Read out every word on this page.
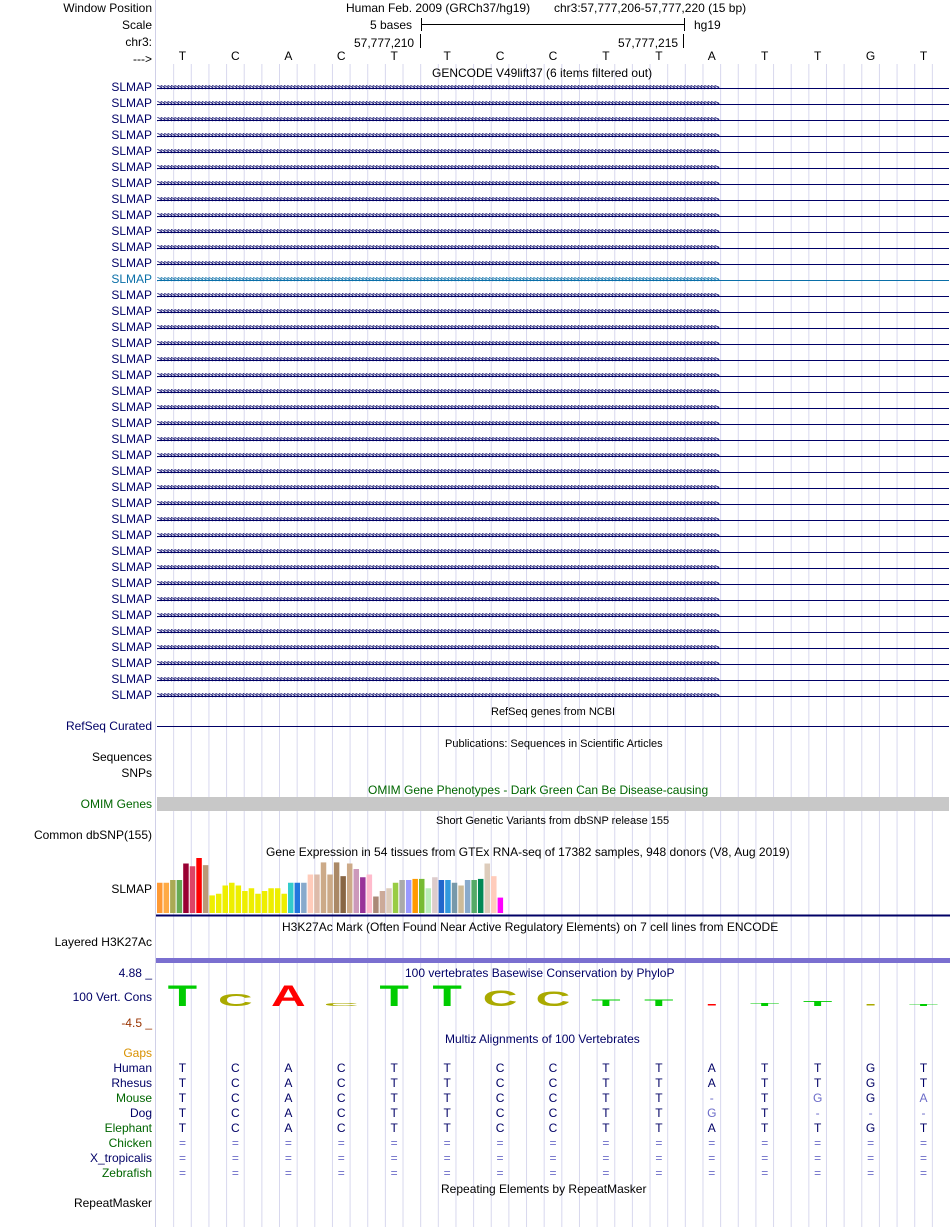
Window Position	Human Feb. 2009 (GRCh37/hg19) chr3:57,777,206-57,777,220 (15 bp)
Scale	5 bases	hg19
chr3:	57,777,210	57,777,215
--->	T	C	A	C	T	T	C	C	T	T	A	T	T	G	T
GENCODE V49lift37 (6 items filtered out)
SLMAP
SLMAP
SLMAP
SLMAP
SLMAP
SLMAP
SLMAP
SLMAP
SLMAP
SLMAP
SLMAP
SLMAP
SLMAP
SLMAP
SLMAP
SLMAP
SLMAP
SLMAP
SLMAP
SLMAP
SLMAP
SLMAP
SLMAP
SLMAP
SLMAP
SLMAP
SLMAP
SLMAP
SLMAP
SLMAP
SLMAP
SLMAP
SLMAP
SLMAP
SLMAP
SLMAP
SLMAP
SLMAP
SLMAP
>>>>>>>>>>>>>>>>>>>>>>>>>>>>>>>>>>>>>>>>>>>>>>>>>>>>>>>>>>>>>>>>>>>>>>>>>>>>>>>>>>>>>>>>>>>>>>>>>>>>>>>>>>>>>>>>>>>>>>>>>>>>>>>>>>>>>>>>>>>>>>>>>>>>>>>>>>>>>>>>>>>>
>>>>>>>>>>>>>>>>>>>>>>>>>>>>>>>>>>>>>>>>>>>>>>>>>>>>>>>>>>>>>>>>>>>>>>>>>>>>>>>>>>>>>>>>>>>>>>>>>>>>>>>>>>>>>>>>>>>>>>>>>>>>>>>>>>>>>>>>>>>>>>>>>>>>>>>>>>>>>>>>>>>>
>>>>>>>>>>>>>>>>>>>>>>>>>>>>>>>>>>>>>>>>>>>>>>>>>>>>>>>>>>>>>>>>>>>>>>>>>>>>>>>>>>>>>>>>>>>>>>>>>>>>>>>>>>>>>>>>>>>>>>>>>>>>>>>>>>>>>>>>>>>>>>>>>>>>>>>>>>>>>>>>>>>>
>>>>>>>>>>>>>>>>>>>>>>>>>>>>>>>>>>>>>>>>>>>>>>>>>>>>>>>>>>>>>>>>>>>>>>>>>>>>>>>>>>>>>>>>>>>>>>>>>>>>>>>>>>>>>>>>>>>>>>>>>>>>>>>>>>>>>>>>>>>>>>>>>>>>>>>>>>>>>>>>>>>>
>>>>>>>>>>>>>>>>>>>>>>>>>>>>>>>>>>>>>>>>>>>>>>>>>>>>>>>>>>>>>>>>>>>>>>>>>>>>>>>>>>>>>>>>>>>>>>>>>>>>>>>>>>>>>>>>>>>>>>>>>>>>>>>>>>>>>>>>>>>>>>>>>>>>>>>>>>>>>>>>>>>>
>>>>>>>>>>>>>>>>>>>>>>>>>>>>>>>>>>>>>>>>>>>>>>>>>>>>>>>>>>>>>>>>>>>>>>>>>>>>>>>>>>>>>>>>>>>>>>>>>>>>>>>>>>>>>>>>>>>>>>>>>>>>>>>>>>>>>>>>>>>>>>>>>>>>>>>>>>>>>>>>>>>>
>>>>>>>>>>>>>>>>>>>>>>>>>>>>>>>>>>>>>>>>>>>>>>>>>>>>>>>>>>>>>>>>>>>>>>>>>>>>>>>>>>>>>>>>>>>>>>>>>>>>>>>>>>>>>>>>>>>>>>>>>>>>>>>>>>>>>>>>>>>>>>>>>>>>>>>>>>>>>>>>>>>>
>>>>>>>>>>>>>>>>>>>>>>>>>>>>>>>>>>>>>>>>>>>>>>>>>>>>>>>>>>>>>>>>>>>>>>>>>>>>>>>>>>>>>>>>>>>>>>>>>>>>>>>>>>>>>>>>>>>>>>>>>>>>>>>>>>>>>>>>>>>>>>>>>>>>>>>>>>>>>>>>>>>>
>>>>>>>>>>>>>>>>>>>>>>>>>>>>>>>>>>>>>>>>>>>>>>>>>>>>>>>>>>>>>>>>>>>>>>>>>>>>>>>>>>>>>>>>>>>>>>>>>>>>>>>>>>>>>>>>>>>>>>>>>>>>>>>>>>>>>>>>>>>>>>>>>>>>>>>>>>>>>>>>>>>>
>>>>>>>>>>>>>>>>>>>>>>>>>>>>>>>>>>>>>>>>>>>>>>>>>>>>>>>>>>>>>>>>>>>>>>>>>>>>>>>>>>>>>>>>>>>>>>>>>>>>>>>>>>>>>>>>>>>>>>>>>>>>>>>>>>>>>>>>>>>>>>>>>>>>>>>>>>>>>>>>>>>>
>>>>>>>>>>>>>>>>>>>>>>>>>>>>>>>>>>>>>>>>>>>>>>>>>>>>>>>>>>>>>>>>>>>>>>>>>>>>>>>>>>>>>>>>>>>>>>>>>>>>>>>>>>>>>>>>>>>>>>>>>>>>>>>>>>>>>>>>>>>>>>>>>>>>>>>>>>>>>>>>>>>>
>>>>>>>>>>>>>>>>>>>>>>>>>>>>>>>>>>>>>>>>>>>>>>>>>>>>>>>>>>>>>>>>>>>>>>>>>>>>>>>>>>>>>>>>>>>>>>>>>>>>>>>>>>>>>>>>>>>>>>>>>>>>>>>>>>>>>>>>>>>>>>>>>>>>>>>>>>>>>>>>>>>>
>>>>>>>>>>>>>>>>>>>>>>>>>>>>>>>>>>>>>>>>>>>>>>>>>>>>>>>>>>>>>>>>>>>>>>>>>>>>>>>>>>>>>>>>>>>>>>>>>>>>>>>>>>>>>>>>>>>>>>>>>>>>>>>>>>>>>>>>>>>>>>>>>>>>>>>>>>>>>>>>>>>>
>>>>>>>>>>>>>>>>>>>>>>>>>>>>>>>>>>>>>>>>>>>>>>>>>>>>>>>>>>>>>>>>>>>>>>>>>>>>>>>>>>>>>>>>>>>>>>>>>>>>>>>>>>>>>>>>>>>>>>>>>>>>>>>>>>>>>>>>>>>>>>>>>>>>>>>>>>>>>>>>>>>>
>>>>>>>>>>>>>>>>>>>>>>>>>>>>>>>>>>>>>>>>>>>>>>>>>>>>>>>>>>>>>>>>>>>>>>>>>>>>>>>>>>>>>>>>>>>>>>>>>>>>>>>>>>>>>>>>>>>>>>>>>>>>>>>>>>>>>>>>>>>>>>>>>>>>>>>>>>>>>>>>>>>>
>>>>>>>>>>>>>>>>>>>>>>>>>>>>>>>>>>>>>>>>>>>>>>>>>>>>>>>>>>>>>>>>>>>>>>>>>>>>>>>>>>>>>>>>>>>>>>>>>>>>>>>>>>>>>>>>>>>>>>>>>>>>>>>>>>>>>>>>>>>>>>>>>>>>>>>>>>>>>>>>>>>>
>>>>>>>>>>>>>>>>>>>>>>>>>>>>>>>>>>>>>>>>>>>>>>>>>>>>>>>>>>>>>>>>>>>>>>>>>>>>>>>>>>>>>>>>>>>>>>>>>>>>>>>>>>>>>>>>>>>>>>>>>>>>>>>>>>>>>>>>>>>>>>>>>>>>>>>>>>>>>>>>>>>>
>>>>>>>>>>>>>>>>>>>>>>>>>>>>>>>>>>>>>>>>>>>>>>>>>>>>>>>>>>>>>>>>>>>>>>>>>>>>>>>>>>>>>>>>>>>>>>>>>>>>>>>>>>>>>>>>>>>>>>>>>>>>>>>>>>>>>>>>>>>>>>>>>>>>>>>>>>>>>>>>>>>>
>>>>>>>>>>>>>>>>>>>>>>>>>>>>>>>>>>>>>>>>>>>>>>>>>>>>>>>>>>>>>>>>>>>>>>>>>>>>>>>>>>>>>>>>>>>>>>>>>>>>>>>>>>>>>>>>>>>>>>>>>>>>>>>>>>>>>>>>>>>>>>>>>>>>>>>>>>>>>>>>>>>>
>>>>>>>>>>>>>>>>>>>>>>>>>>>>>>>>>>>>>>>>>>>>>>>>>>>>>>>>>>>>>>>>>>>>>>>>>>>>>>>>>>>>>>>>>>>>>>>>>>>>>>>>>>>>>>>>>>>>>>>>>>>>>>>>>>>>>>>>>>>>>>>>>>>>>>>>>>>>>>>>>>>>
>>>>>>>>>>>>>>>>>>>>>>>>>>>>>>>>>>>>>>>>>>>>>>>>>>>>>>>>>>>>>>>>>>>>>>>>>>>>>>>>>>>>>>>>>>>>>>>>>>>>>>>>>>>>>>>>>>>>>>>>>>>>>>>>>>>>>>>>>>>>>>>>>>>>>>>>>>>>>>>>>>>>
>>>>>>>>>>>>>>>>>>>>>>>>>>>>>>>>>>>>>>>>>>>>>>>>>>>>>>>>>>>>>>>>>>>>>>>>>>>>>>>>>>>>>>>>>>>>>>>>>>>>>>>>>>>>>>>>>>>>>>>>>>>>>>>>>>>>>>>>>>>>>>>>>>>>>>>>>>>>>>>>>>>>
>>>>>>>>>>>>>>>>>>>>>>>>>>>>>>>>>>>>>>>>>>>>>>>>>>>>>>>>>>>>>>>>>>>>>>>>>>>>>>>>>>>>>>>>>>>>>>>>>>>>>>>>>>>>>>>>>>>>>>>>>>>>>>>>>>>>>>>>>>>>>>>>>>>>>>>>>>>>>>>>>>>>
>>>>>>>>>>>>>>>>>>>>>>>>>>>>>>>>>>>>>>>>>>>>>>>>>>>>>>>>>>>>>>>>>>>>>>>>>>>>>>>>>>>>>>>>>>>>>>>>>>>>>>>>>>>>>>>>>>>>>>>>>>>>>>>>>>>>>>>>>>>>>>>>>>>>>>>>>>>>>>>>>>>>
>>>>>>>>>>>>>>>>>>>>>>>>>>>>>>>>>>>>>>>>>>>>>>>>>>>>>>>>>>>>>>>>>>>>>>>>>>>>>>>>>>>>>>>>>>>>>>>>>>>>>>>>>>>>>>>>>>>>>>>>>>>>>>>>>>>>>>>>>>>>>>>>>>>>>>>>>>>>>>>>>>>>
>>>>>>>>>>>>>>>>>>>>>>>>>>>>>>>>>>>>>>>>>>>>>>>>>>>>>>>>>>>>>>>>>>>>>>>>>>>>>>>>>>>>>>>>>>>>>>>>>>>>>>>>>>>>>>>>>>>>>>>>>>>>>>>>>>>>>>>>>>>>>>>>>>>>>>>>>>>>>>>>>>>>
>>>>>>>>>>>>>>>>>>>>>>>>>>>>>>>>>>>>>>>>>>>>>>>>>>>>>>>>>>>>>>>>>>>>>>>>>>>>>>>>>>>>>>>>>>>>>>>>>>>>>>>>>>>>>>>>>>>>>>>>>>>>>>>>>>>>>>>>>>>>>>>>>>>>>>>>>>>>>>>>>>>>
>>>>>>>>>>>>>>>>>>>>>>>>>>>>>>>>>>>>>>>>>>>>>>>>>>>>>>>>>>>>>>>>>>>>>>>>>>>>>>>>>>>>>>>>>>>>>>>>>>>>>>>>>>>>>>>>>>>>>>>>>>>>>>>>>>>>>>>>>>>>>>>>>>>>>>>>>>>>>>>>>>>>
>>>>>>>>>>>>>>>>>>>>>>>>>>>>>>>>>>>>>>>>>>>>>>>>>>>>>>>>>>>>>>>>>>>>>>>>>>>>>>>>>>>>>>>>>>>>>>>>>>>>>>>>>>>>>>>>>>>>>>>>>>>>>>>>>>>>>>>>>>>>>>>>>>>>>>>>>>>>>>>>>>>>
>>>>>>>>>>>>>>>>>>>>>>>>>>>>>>>>>>>>>>>>>>>>>>>>>>>>>>>>>>>>>>>>>>>>>>>>>>>>>>>>>>>>>>>>>>>>>>>>>>>>>>>>>>>>>>>>>>>>>>>>>>>>>>>>>>>>>>>>>>>>>>>>>>>>>>>>>>>>>>>>>>>>
>>>>>>>>>>>>>>>>>>>>>>>>>>>>>>>>>>>>>>>>>>>>>>>>>>>>>>>>>>>>>>>>>>>>>>>>>>>>>>>>>>>>>>>>>>>>>>>>>>>>>>>>>>>>>>>>>>>>>>>>>>>>>>>>>>>>>>>>>>>>>>>>>>>>>>>>>>>>>>>>>>>>
>>>>>>>>>>>>>>>>>>>>>>>>>>>>>>>>>>>>>>>>>>>>>>>>>>>>>>>>>>>>>>>>>>>>>>>>>>>>>>>>>>>>>>>>>>>>>>>>>>>>>>>>>>>>>>>>>>>>>>>>>>>>>>>>>>>>>>>>>>>>>>>>>>>>>>>>>>>>>>>>>>>>
>>>>>>>>>>>>>>>>>>>>>>>>>>>>>>>>>>>>>>>>>>>>>>>>>>>>>>>>>>>>>>>>>>>>>>>>>>>>>>>>>>>>>>>>>>>>>>>>>>>>>>>>>>>>>>>>>>>>>>>>>>>>>>>>>>>>>>>>>>>>>>>>>>>>>>>>>>>>>>>>>>>>
>>>>>>>>>>>>>>>>>>>>>>>>>>>>>>>>>>>>>>>>>>>>>>>>>>>>>>>>>>>>>>>>>>>>>>>>>>>>>>>>>>>>>>>>>>>>>>>>>>>>>>>>>>>>>>>>>>>>>>>>>>>>>>>>>>>>>>>>>>>>>>>>>>>>>>>>>>>>>>>>>>>>
>>>>>>>>>>>>>>>>>>>>>>>>>>>>>>>>>>>>>>>>>>>>>>>>>>>>>>>>>>>>>>>>>>>>>>>>>>>>>>>>>>>>>>>>>>>>>>>>>>>>>>>>>>>>>>>>>>>>>>>>>>>>>>>>>>>>>>>>>>>>>>>>>>>>>>>>>>>>>>>>>>>>
>>>>>>>>>>>>>>>>>>>>>>>>>>>>>>>>>>>>>>>>>>>>>>>>>>>>>>>>>>>>>>>>>>>>>>>>>>>>>>>>>>>>>>>>>>>>>>>>>>>>>>>>>>>>>>>>>>>>>>>>>>>>>>>>>>>>>>>>>>>>>>>>>>>>>>>>>>>>>>>>>>>>
>>>>>>>>>>>>>>>>>>>>>>>>>>>>>>>>>>>>>>>>>>>>>>>>>>>>>>>>>>>>>>>>>>>>>>>>>>>>>>>>>>>>>>>>>>>>>>>>>>>>>>>>>>>>>>>>>>>>>>>>>>>>>>>>>>>>>>>>>>>>>>>>>>>>>>>>>>>>>>>>>>>>
>>>>>>>>>>>>>>>>>>>>>>>>>>>>>>>>>>>>>>>>>>>>>>>>>>>>>>>>>>>>>>>>>>>>>>>>>>>>>>>>>>>>>>>>>>>>>>>>>>>>>>>>>>>>>>>>>>>>>>>>>>>>>>>>>>>>>>>>>>>>>>>>>>>>>>>>>>>>>>>>>>>>
>>>>>>>>>>>>>>>>>>>>>>>>>>>>>>>>>>>>>>>>>>>>>>>>>>>>>>>>>>>>>>>>>>>>>>>>>>>>>>>>>>>>>>>>>>>>>>>>>>>>>>>>>>>>>>>>>>>>>>>>>>>>>>>>>>>>>>>>>>>>>>>>>>>>>>>>>>>>>>>>>>>>
RefSeq genes from NCBI
RefSeq Curated
Publications: Sequences in Scientific Articles
Sequences
SNPs
OMIM Gene Phenotypes - Dark Green Can Be Disease-causing
OMIM Genes
Short Genetic Variants from dbSNP release 155
Common dbSNP(155)
Gene Expression in 54 tissues from GTEx RNA-seq of 17382 samples, 948 donors (V8, Aug 2019)
SLMAP
H3K27Ac Mark (Often Found Near Active Regulatory Elements) on 7 cell lines from ENCODE
Layered H3K27Ac
100 vertebrates Basewise Conservation by PhyloP
4.88 _
100 Vert. Cons
-4.5 _
T C A C T T C C T T	T T	T
Multiz Alignments of 100 Vertebrates
Gaps
Human	T	C	A	C	T	T	C	C	T	T	A	T	T	G	T
Rhesus	T	C	A	C	T	T	C	C	T	T	A	T	T	G	T
Mouse	T	C	A	C	T	T	C	C	T	T	-	T	G	G	A
Dog	T	C	A	C	T	T	C	C	T	T	G	T	-	-	-
Elephant	T	C	A	C	T	T	C	C	T	T	A	T	T	G	T
Chicken	=	=	=	=	=	=	=	=	=	=	=	=	=	=	=
X_tropicalis	=	=	=	=	=	=	=	=	=	=	=	=	=	=	=
Zebrafish	=	=	=	=	=	=	=	=	=	=	=	=	=	=	=
Repeating Elements by RepeatMasker
RepeatMasker
